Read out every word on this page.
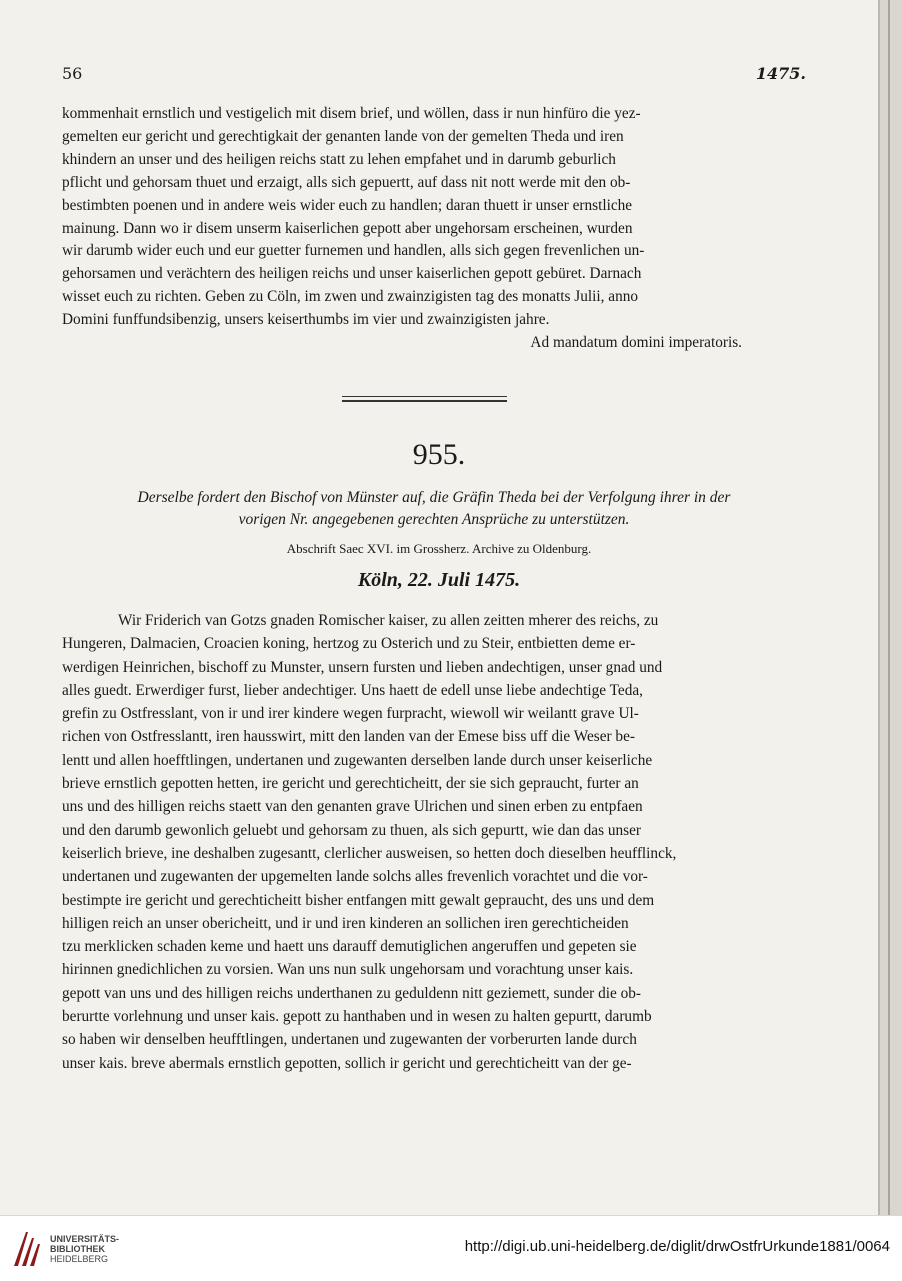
56	1475.

kommenhait ernstlich und vestigelich mit disem brief, und wöllen, dass ir nun hinfüro die yez-

gemelten eur gericht und gerechtigkait der genanten lande von der gemelten Theda und iren

khindern an unser und des heiligen reichs statt zu lehen empfahet und in darumb geburlich

pflicht und gehorsam thuet und erzaigt, alls sich gepuertt, auf dass nit nott werde mit den ob-

bestimbten poenen und in andere weis wider euch zu handlen; daran thuett ir unser ernstliche

mainung. Dann wo ir disem unserm kaiserlichen gepott aber ungehorsam erscheinen, wurden

wir darumb wider euch und eur guetter furnemen und handlen, alls sich gegen frevenlichen un-

gehorsamen und verächtern des heiligen reichs und unser kaiserlichen gepott gebüret. Darnach

wisset euch zu richten. Geben zu Cöln, im zwen und zwainzigisten tag des monatts Julii, anno

Domini funffundsibenzig, unsers keiserthumbs im vier und zwainzigisten jahre.

Ad mandatum domini imperatoris.
955.
Derselbe fordert den Bischof von Münster auf, die Gräfin Theda bei der Verfolgung ihrer in der
vorigen Nr. angegebenen gerechten Ansprüche zu unterstützen.
Abschrift Saec XVI. im Grossherz. Archive zu Oldenburg.
Köln, 22. Juli 1475.

Wir Friderich van Gotzs gnaden Romischer kaiser, zu allen zeitten mherer des reichs, zu

Hungeren, Dalmacien, Croacien koning, hertzog zu Osterich und zu Steir, entbietten deme er-
werdigen Heinrichen, bischoff zu Munster, unsern fursten und lieben andechtigen, unser gnad und
alles guedt. Erwerdiger furst, lieber andechtiger. Uns haett de edell unse liebe andechtige Teda,
grefin zu Ostfresslant, von ir und irer kindere wegen furpracht, wiewoll wir weilantt grave Ul-
richen von Ostfresslantt, iren hausswirt, mitt den landen van der Emese biss uff die Weser be-
lentt und allen hoefftlingen, undertanen und zugewanten derselben lande durch unser keiserliche
brieve ernstlich gepotten hetten, ire gericht und gerechticheitt, der sie sich gepraucht, furter an
uns und des hilligen reichs staett van den genanten grave Ulrichen und sinen erben zu entpfaen
und den darumb gewonlich geluebt und gehorsam zu thuen, als sich gepurtt, wie dan das unser
keiserlich brieve, ine deshalben zugesantt, clerlicher ausweisen, so hetten doch dieselben heufflinck,
undertanen und zugewanten der upgemelten lande solchs alles frevenlich vorachtet und die vor-
bestimpte ire gericht und gerechticheitt bisher entfangen mitt gewalt gepraucht, des uns und dem
hilligen reich an unser obericheitt, und ir und iren kinderen an sollichen iren gerechticheiden
tzu merklicken schaden keme und haett uns darauff demutiglichen angeruffen und gepeten sie
hirinnen gnedichlichen zu vorsien. Wan uns nun sulk ungehorsam und vorachtung unser kais.
gepott van uns und des hilligen reichs underthanen zu geduldenn nitt geziemett, sunder die ob-
berurtte vorlehnung und unser kais. gepott zu hanthaben und in wesen zu halten gepurtt, darumb
so haben wir denselben heufftlingen, undertanen und zugewanten der vorberurten lande durch
unser kais. breve abermals ernstlich gepotten, sollich ir gericht und gerechticheitt van der ge-
UNIVERSITÄTS-
BIBLIOTHEK
HEIDELBERG
http://digi.ub.uni-heidelberg.de/diglit/drwOstfrUrkunde1881/0064
